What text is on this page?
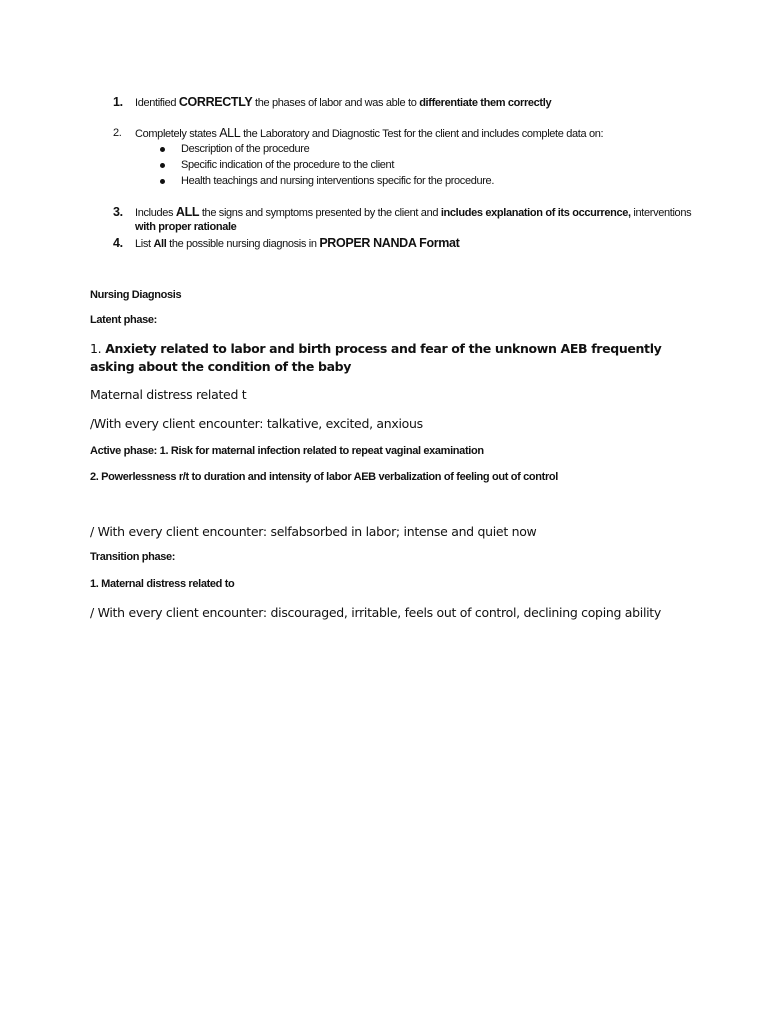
1. Identified CORRECTLY the phases of labor and was able to differentiate them correctly
2. Completely states ALL the Laboratory and Diagnostic Test for the client and includes complete data on:
Description of the procedure
Specific indication of the procedure to the client
Health teachings and nursing interventions specific for the procedure.
3. Includes ALL the signs and symptoms presented by the client and includes explanation of its occurrence, interventions
with proper rationale
4. List All the possible nursing diagnosis in PROPER NANDA Format
Nursing Diagnosis
Latent phase:
1. Anxiety related to labor and birth process and fear of the unknown AEB frequently asking about the condition of the baby
Maternal distress related t
/With every client encounter: talkative, excited, anxious
Active phase: 1. Risk for maternal infection related to repeat vaginal examination
2. Powerlessness r/t to duration and intensity of labor AEB verbalization of feeling out of control
/ With every client encounter: selfabsorbed in labor; intense and quiet now
Transition phase:
1. Maternal distress related to
/ With every client encounter: discouraged, irritable, feels out of control, declining coping ability
